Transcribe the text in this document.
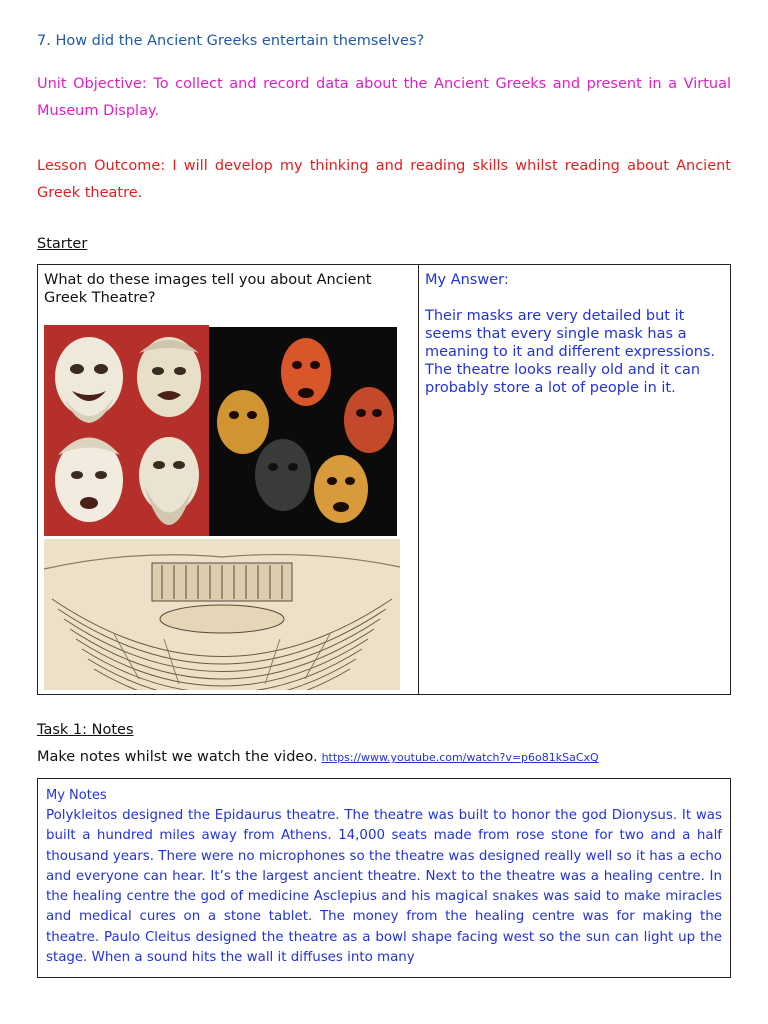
7. How did the Ancient Greeks entertain themselves?
Unit Objective: To collect and record data about the Ancient Greeks and present in a Virtual Museum Display.
Lesson Outcome: I will develop my thinking and reading skills whilst reading about Ancient Greek theatre.
Starter
What do these images tell you about Ancient Greek Theatre?
My Answer:
Their masks are very detailed but it seems that every single mask has a meaning to it and different expressions. The theatre looks really old and it can probably store a lot of people in it.
Task 1: Notes
Make notes whilst we watch the video. https://www.youtube.com/watch?v=p6o81kSaCxQ
My Notes
Polykleitos designed the Epidaurus theatre. The theatre was built to honor the god Dionysus. It was built a hundred miles away from Athens. 14,000 seats made from rose stone for two and a half thousand years. There were no microphones so the theatre was designed really well so it has a echo and everyone can hear. It’s the largest ancient theatre. Next to the theatre was a healing centre. In the healing centre the god of medicine Asclepius and his magical snakes was said to make miracles and medical cures on a stone tablet. The money from the healing centre was for making the theatre. Paulo Cleitus designed the theatre as a bowl shape facing west so the sun can light up the stage. When a sound hits the wall it diffuses into many
